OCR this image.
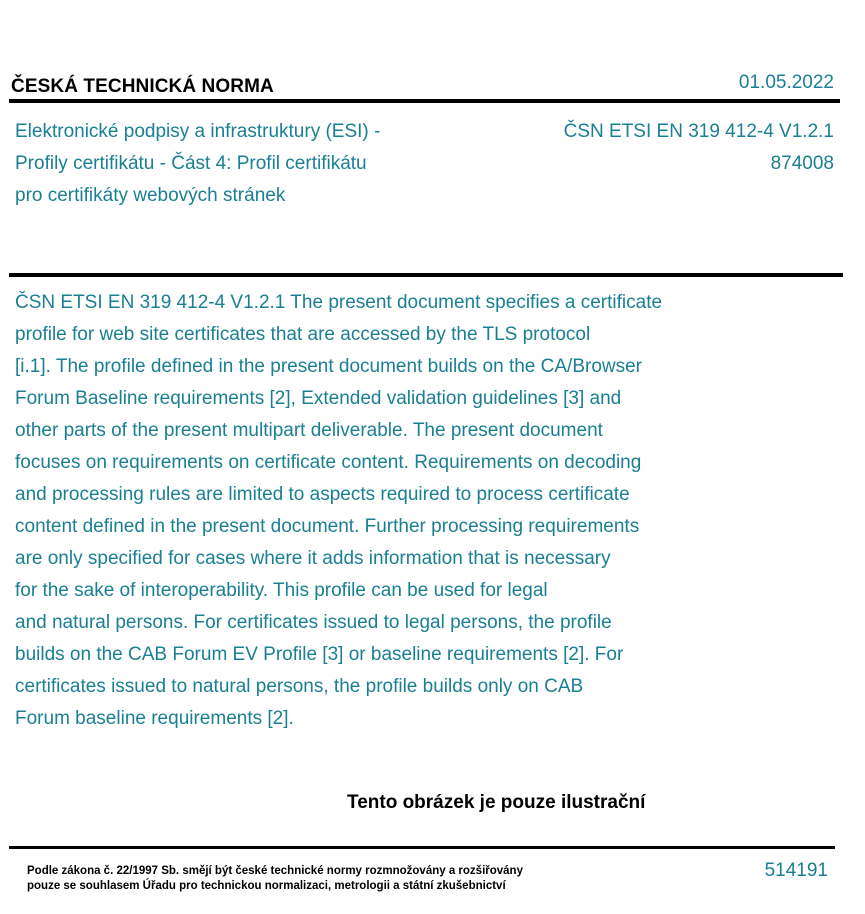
ČESKÁ TECHNICKÁ NORMA	01.05.2022
Elektronické podpisy a infrastruktury (ESI) -
Profily certifikátu - Část 4: Profil certifikátu
pro certifikáty webových stránek
ČSN ETSI EN 319 412-4 V1.2.1
874008
ČSN ETSI EN 319 412-4 V1.2.1 The present document specifies a certificate
profile for web site certificates that are accessed by the TLS protocol
[i.1]. The profile defined in the present document builds on the CA/Browser
Forum Baseline requirements [2], Extended validation guidelines [3] and
other parts of the present multipart deliverable. The present document
focuses on requirements on certificate content. Requirements on decoding
and processing rules are limited to aspects required to process certificate
content defined in the present document. Further processing requirements
are only specified for cases where it adds information that is necessary
for the sake of interoperability. This profile can be used for legal
and natural persons. For certificates issued to legal persons, the profile
builds on the CAB Forum EV Profile [3] or baseline requirements [2]. For
certificates issued to natural persons, the profile builds only on CAB
Forum baseline requirements [2].
Tento obrázek je pouze ilustrační
Podle zákona č. 22/1997 Sb. smějí být české technické normy rozmnožovány a rozšiřovány
pouze se souhlasem Úřadu pro technickou normalizaci, metrologii a státní zkušebnictví
514191
